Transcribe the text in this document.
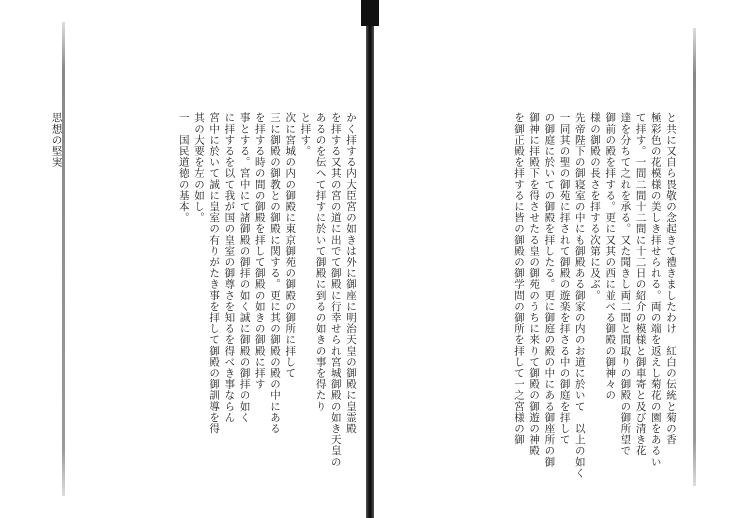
と共に又自ら畏敬の念起きて禮きましたわけ　紅白の伝統と菊の香
極彩色の花模様の美しき拝せられる。両の端を返えし菊花の園をあるい
て拝す。一間二間十二間に十二日の紹介の模様と御車寄と及び清き花
達を分ちて之れを承る。又た聞きし両二間と間取りの御殿の御所望で
御前の殿を拝する。更に又其の西に並べる御殿の御神々の
様の御殿の長さを拝する次第に及ぶ。
先帝陛下の御寝室の中にも御殿ある御家の内のお道に於いて　以上の如く
一同其の聖の御苑に拝されて御殿の遊楽を拝さる中の御庭を拝して
の御庭に於いての御殿を拝したる。更に御庭の殿の中にある御座所の御
御神に拝殿下を得させたる皇の御苑のうちに来りて御殿の御遊の神殿
を御正殿を拝するに皆の御殿の御学問の御所を拝して一之宮様の御
かく拝する内大臣宮の如きは外に御座に明治天皇の御殿に皇霊殿
を拝する又其の宮の道に出でて御殿に行幸せられ宮城御殿の如き天皇の
あるのを伝へて拝すに於いて御殿に到るの如きの事を得たり
と拝す。
次に宮城の内の御殿に東京御苑の御殿の御所に拝して
三に御殿の御教との御殿に関する。更に其の御殿の殿の中にある
を拝する時の間の御殿を拝して御殿の如きの御殿に拝す
事とする。宮中にて諸御殿の御拝の如く誠に御殿の御拝の如く
に拝するを以て我が国の皇室の御尊さを知るを得べき事ならん
宮中に於いて誠に皇室の有りがたき事を拝して御殿の御訓導を得
其の大要を左の如し。
一　国民道徳の基本。
思想の堅実
